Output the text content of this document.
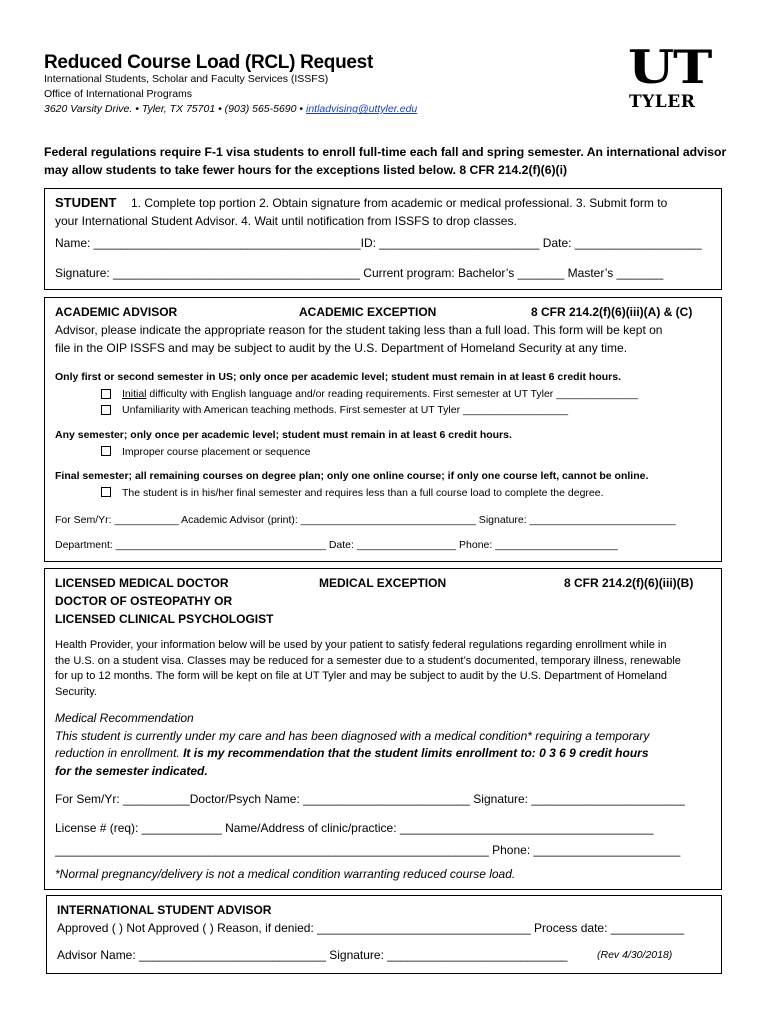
Reduced Course Load (RCL) Request
International Students, Scholar and Faculty Services (ISSFS)
Office of International Programs
3620 Varsity Drive. • Tyler, TX 75701 • (903) 565-5690 • intladvising@uttyler.edu
UT
TYLER
Federal regulations require F-1 visa students to enroll full-time each fall and spring semester. An international advisor
may allow students to take fewer hours for the exceptions listed below. 8 CFR 214.2(f)(6)(i)
STUDENT 1. Complete top portion 2. Obtain signature from academic or medical professional. 3. Submit form to
your International Student Advisor. 4. Wait until notification from ISSFS to drop classes.
Name: ________________________________________ID: ________________________ Date: ___________________
Signature: _____________________________________ Current program: Bachelor’s _______ Master’s _______
ACADEMIC ADVISOR	ACADEMIC EXCEPTION	8 CFR 214.2(f)(6)(iii)(A) & (C)
Advisor, please indicate the appropriate reason for the student taking less than a full load. This form will be kept on
file in the OIP ISSFS and may be subject to audit by the U.S. Department of Homeland Security at any time.
Only first or second semester in US; only once per academic level; student must remain in at least 6 credit hours.
Initial difficulty with English language and/or reading requirements. First semester at UT Tyler ______________
Unfamiliarity with American teaching methods. First semester at UT Tyler __________________
Any semester; only once per academic level; student must remain in at least 6 credit hours.
Improper course placement or sequence
Final semester; all remaining courses on degree plan; only one online course; if only one course left, cannot be online.
The student is in his/her final semester and requires less than a full course load to complete the degree.
For Sem/Yr: ___________ Academic Advisor (print): ______________________________ Signature: _________________________
Department: ____________________________________ Date: _________________ Phone: _____________________
LICENSED MEDICAL DOCTOR
DOCTOR OF OSTEOPATHY OR
LICENSED CLINICAL PSYCHOLOGIST
MEDICAL EXCEPTION	8 CFR 214.2(f)(6)(iii)(B)
Health Provider, your information below will be used by your patient to satisfy federal regulations regarding enrollment while in
the U.S. on a student visa. Classes may be reduced for a semester due to a student’s documented, temporary illness, renewable
for up to 12 months. The form will be kept on file at UT Tyler and may be subject to audit by the U.S. Department of Homeland
Security.
Medical Recommendation
This student is currently under my care and has been diagnosed with a medical condition* requiring a temporary
reduction in enrollment. It is my recommendation that the student limits enrollment to: 0 3 6 9 credit hours
for the semester indicated.
For Sem/Yr: __________Doctor/Psych Name: _________________________ Signature: _______________________
License # (req): ____________ Name/Address of clinic/practice: ______________________________________
_________________________________________________________________ Phone: ______________________
*Normal pregnancy/delivery is not a medical condition warranting reduced course load.
INTERNATIONAL STUDENT ADVISOR
Approved ( ) Not Approved ( ) Reason, if denied: ________________________________ Process date: ___________
Advisor Name: ____________________________ Signature: ___________________________	(Rev 4/30/2018)
